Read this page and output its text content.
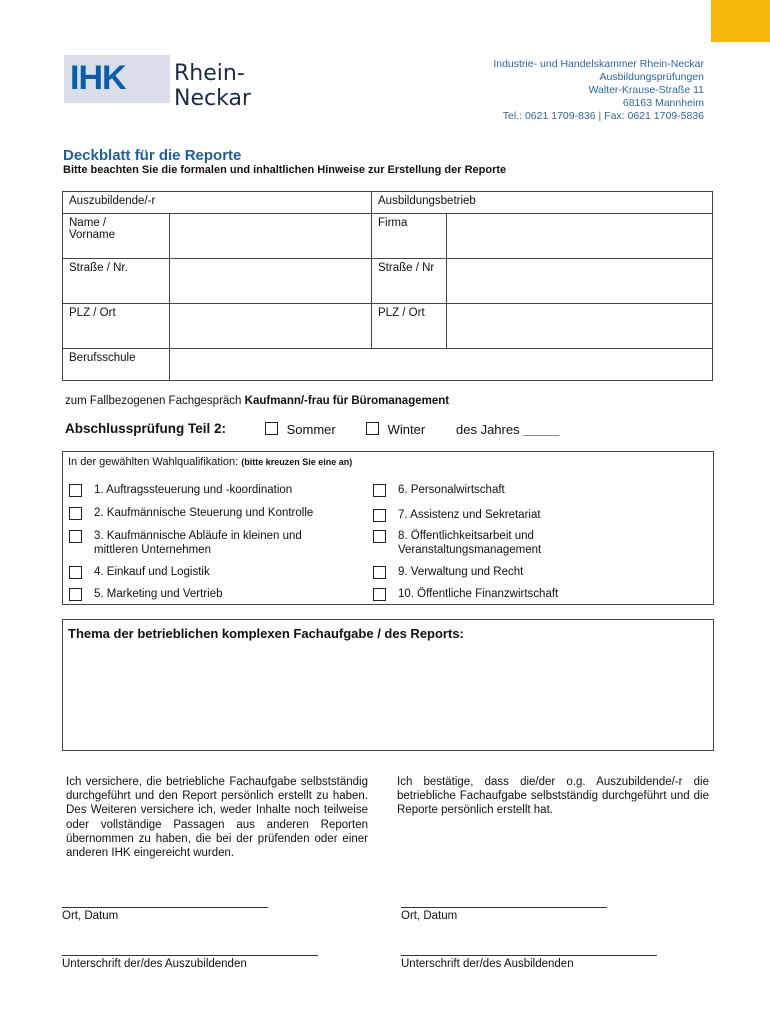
IHK Rhein-Neckar
Industrie- und Handelskammer Rhein-Neckar
Ausbildungsprüfungen
Walter-Krause-Straße 11
68163 Mannheim
Tel.: 0621 1709-836 | Fax: 0621 1709-5836
Deckblatt für die Reporte
Bitte beachten Sie die formalen und inhaltlichen Hinweise zur Erstellung der Reporte
Auszubildende/-r		Ausbildungsbetrieb	
Name /
Vorname		Firma	
Straße / Nr.		Straße / Nr	
PLZ / Ort		PLZ / Ort	
Berufsschule			
zum Fallbezogenen Fachgespräch Kaufmann/-frau für Büromanagement
Abschlussprüfung Teil 2:	Sommer	Winter des Jahres _____
In der gewählten Wahlqualifikation: (bitte kreuzen Sie eine an)
1. Auftragssteuerung und -koordination
2. Kaufmännische Steuerung und Kontrolle
3. Kaufmännische Abläufe in kleinen und
mittleren Unternehmen
4. Einkauf und Logistik
5. Marketing und Vertrieb
6. Personalwirtschaft
7. Assistenz und Sekretariat
8. Öffentlichkeitsarbeit und
Veranstaltungsmanagement
9. Verwaltung und Recht
10. Öffentliche Finanzwirtschaft
Thema der betrieblichen komplexen Fachaufgabe / des Reports:
Ich versichere, die betriebliche Fachaufgabe selbstständig durchgeführt und den Report persönlich erstellt zu haben. Des Weiteren versichere ich, weder Inhalte noch teilweise oder vollständige Passagen aus anderen Reporten übernommen zu haben, die bei der prüfenden oder einer anderen IHK eingereicht wurden.
Ich bestätige, dass die/der o.g. Auszubildende/-r die betriebliche Fachaufgabe selbstständig durchgeführt und die Reporte persönlich erstellt hat.
Ort, Datum	Ort, Datum
Unterschrift der/des Auszubildenden	Unterschrift der/des Ausbildenden
